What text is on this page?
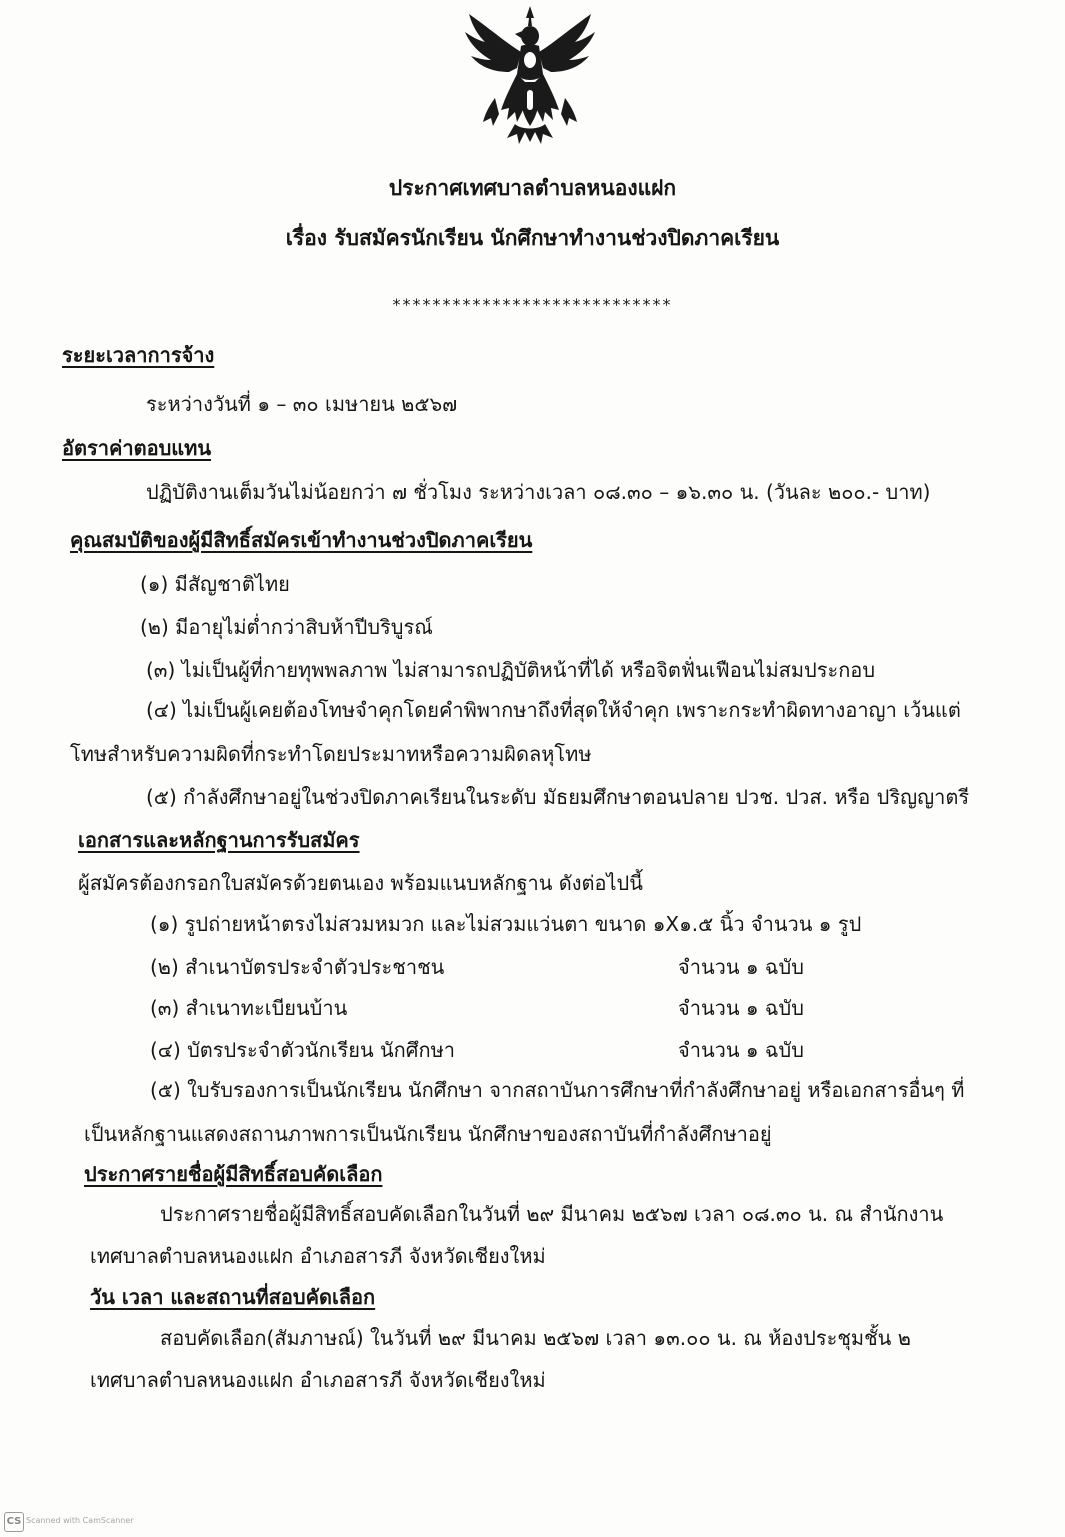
ประกาศเทศบาลตำบลหนองแฝก
เรื่อง รับสมัครนักเรียน นักศึกษาทำงานช่วงปิดภาคเรียน
****************************
ระยะเวลาการจ้าง
ระหว่างวันที่ ๑ – ๓๐ เมษายน ๒๕๖๗
อัตราค่าตอบแทน
ปฏิบัติงานเต็มวันไม่น้อยกว่า ๗ ชั่วโมง ระหว่างเวลา ๐๘.๓๐ – ๑๖.๓๐ น. (วันละ ๒๐๐.- บาท)
คุณสมบัติของผู้มีสิทธิ์สมัครเข้าทำงานช่วงปิดภาคเรียน
(๑) มีสัญชาติไทย
(๒) มีอายุไม่ต่ำกว่าสิบห้าปีบริบูรณ์
(๓) ไม่เป็นผู้ที่กายทุพพลภาพ ไม่สามารถปฏิบัติหน้าที่ได้ หรือจิตฟั่นเฟือนไม่สมประกอบ
(๔) ไม่เป็นผู้เคยต้องโทษจำคุกโดยคำพิพากษาถึงที่สุดให้จำคุก เพราะกระทำผิดทางอาญา เว้นแต่
โทษสำหรับความผิดที่กระทำโดยประมาทหรือความผิดลหุโทษ
(๕) กำลังศึกษาอยู่ในช่วงปิดภาคเรียนในระดับ มัธยมศึกษาตอนปลาย ปวช. ปวส. หรือ ปริญญาตรี
เอกสารและหลักฐานการรับสมัคร
ผู้สมัครต้องกรอกใบสมัครด้วยตนเอง พร้อมแนบหลักฐาน ดังต่อไปนี้
(๑) รูปถ่ายหน้าตรงไม่สวมหมวก และไม่สวมแว่นตา ขนาด ๑X๑.๕ นิ้ว จำนวน ๑ รูป
(๒) สำเนาบัตรประจำตัวประชาชน	จำนวน ๑ ฉบับ
(๓) สำเนาทะเบียนบ้าน	จำนวน ๑ ฉบับ
(๔) บัตรประจำตัวนักเรียน นักศึกษา	จำนวน ๑ ฉบับ
(๕) ใบรับรองการเป็นนักเรียน นักศึกษา จากสถาบันการศึกษาที่กำลังศึกษาอยู่ หรือเอกสารอื่นๆ ที่
เป็นหลักฐานแสดงสถานภาพการเป็นนักเรียน นักศึกษาของสถาบันที่กำลังศึกษาอยู่
ประกาศรายชื่อผู้มีสิทธิ์สอบคัดเลือก
ประกาศรายชื่อผู้มีสิทธิ์สอบคัดเลือกในวันที่ ๒๙ มีนาคม ๒๕๖๗ เวลา ๐๘.๓๐ น. ณ สำนักงาน
เทศบาลตำบลหนองแฝก อำเภอสารภี จังหวัดเชียงใหม่
วัน เวลา และสถานที่สอบคัดเลือก
สอบคัดเลือก(สัมภาษณ์) ในวันที่ ๒๙ มีนาคม ๒๕๖๗ เวลา ๑๓.๐๐ น. ณ ห้องประชุมชั้น ๒
เทศบาลตำบลหนองแฝก อำเภอสารภี จังหวัดเชียงใหม่
CS Scanned with CamScanner
